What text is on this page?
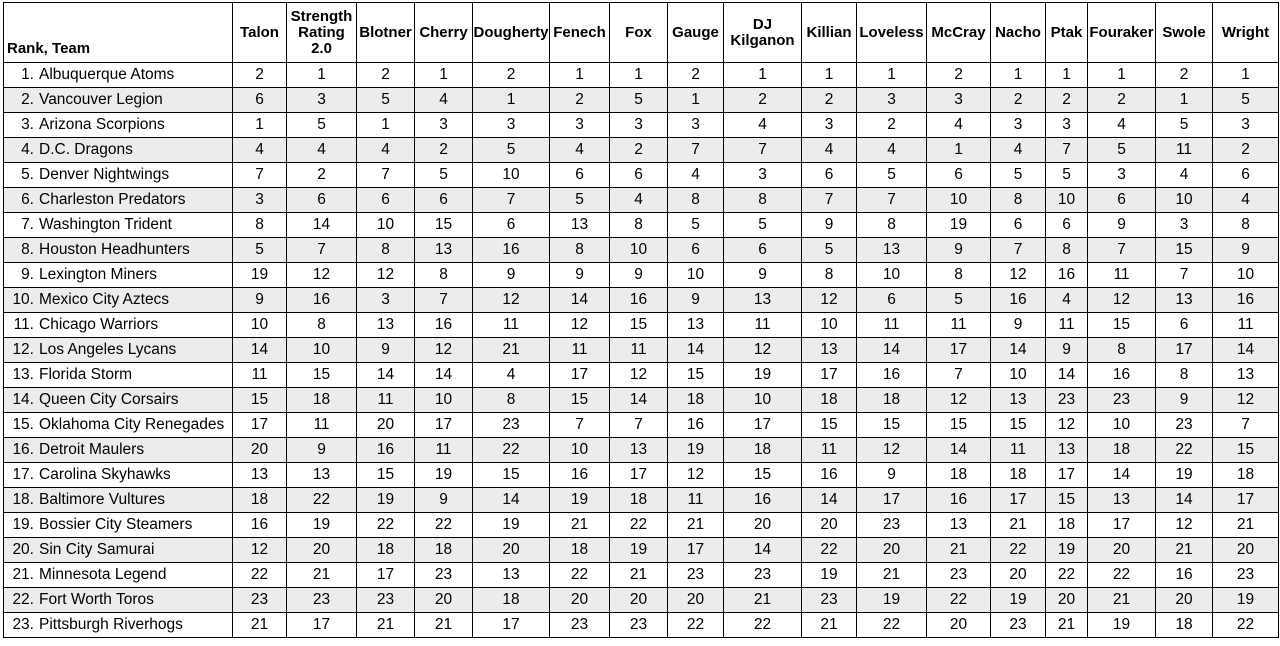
Rank, Team	Talon	Strength Rating 2.0	Blotner	Cherry	Dougherty	Fenech	Fox	Gauge	DJ Kilganon	Killian	Loveless	McCray	Nacho	Ptak	Fouraker	Swole	Wright
1. Albuquerque Atoms	2	1	2	1	2	1	1	2	1	1	1	2	1	1	1	2	1
2. Vancouver Legion	6	3	5	4	1	2	5	1	2	2	3	3	2	2	2	1	5
3. Arizona Scorpions	1	5	1	3	3	3	3	3	4	3	2	4	3	3	4	5	3
4. D.C. Dragons	4	4	4	2	5	4	2	7	7	4	4	1	4	7	5	11	2
5. Denver Nightwings	7	2	7	5	10	6	6	4	3	6	5	6	5	5	3	4	6
6. Charleston Predators	3	6	6	6	7	5	4	8	8	7	7	10	8	10	6	10	4
7. Washington Trident	8	14	10	15	6	13	8	5	5	9	8	19	6	6	9	3	8
8. Houston Headhunters	5	7	8	13	16	8	10	6	6	5	13	9	7	8	7	15	9
9. Lexington Miners	19	12	12	8	9	9	9	10	9	8	10	8	12	16	11	7	10
10. Mexico City Aztecs	9	16	3	7	12	14	16	9	13	12	6	5	16	4	12	13	16
11. Chicago Warriors	10	8	13	16	11	12	15	13	11	10	11	11	9	11	15	6	11
12. Los Angeles Lycans	14	10	9	12	21	11	11	14	12	13	14	17	14	9	8	17	14
13. Florida Storm	11	15	14	14	4	17	12	15	19	17	16	7	10	14	16	8	13
14. Queen City Corsairs	15	18	11	10	8	15	14	18	10	18	18	12	13	23	23	9	12
15. Oklahoma City Renegades	17	11	20	17	23	7	7	16	17	15	15	15	15	12	10	23	7
16. Detroit Maulers	20	9	16	11	22	10	13	19	18	11	12	14	11	13	18	22	15
17. Carolina Skyhawks	13	13	15	19	15	16	17	12	15	16	9	18	18	17	14	19	18
18. Baltimore Vultures	18	22	19	9	14	19	18	11	16	14	17	16	17	15	13	14	17
19. Bossier City Steamers	16	19	22	22	19	21	22	21	20	20	23	13	21	18	17	12	21
20. Sin City Samurai	12	20	18	18	20	18	19	17	14	22	20	21	22	19	20	21	20
21. Minnesota Legend	22	21	17	23	13	22	21	23	23	19	21	23	20	22	22	16	23
22. Fort Worth Toros	23	23	23	20	18	20	20	20	21	23	19	22	19	20	21	20	19
23. Pittsburgh Riverhogs	21	17	21	21	17	23	23	22	22	21	22	20	23	21	19	18	22
